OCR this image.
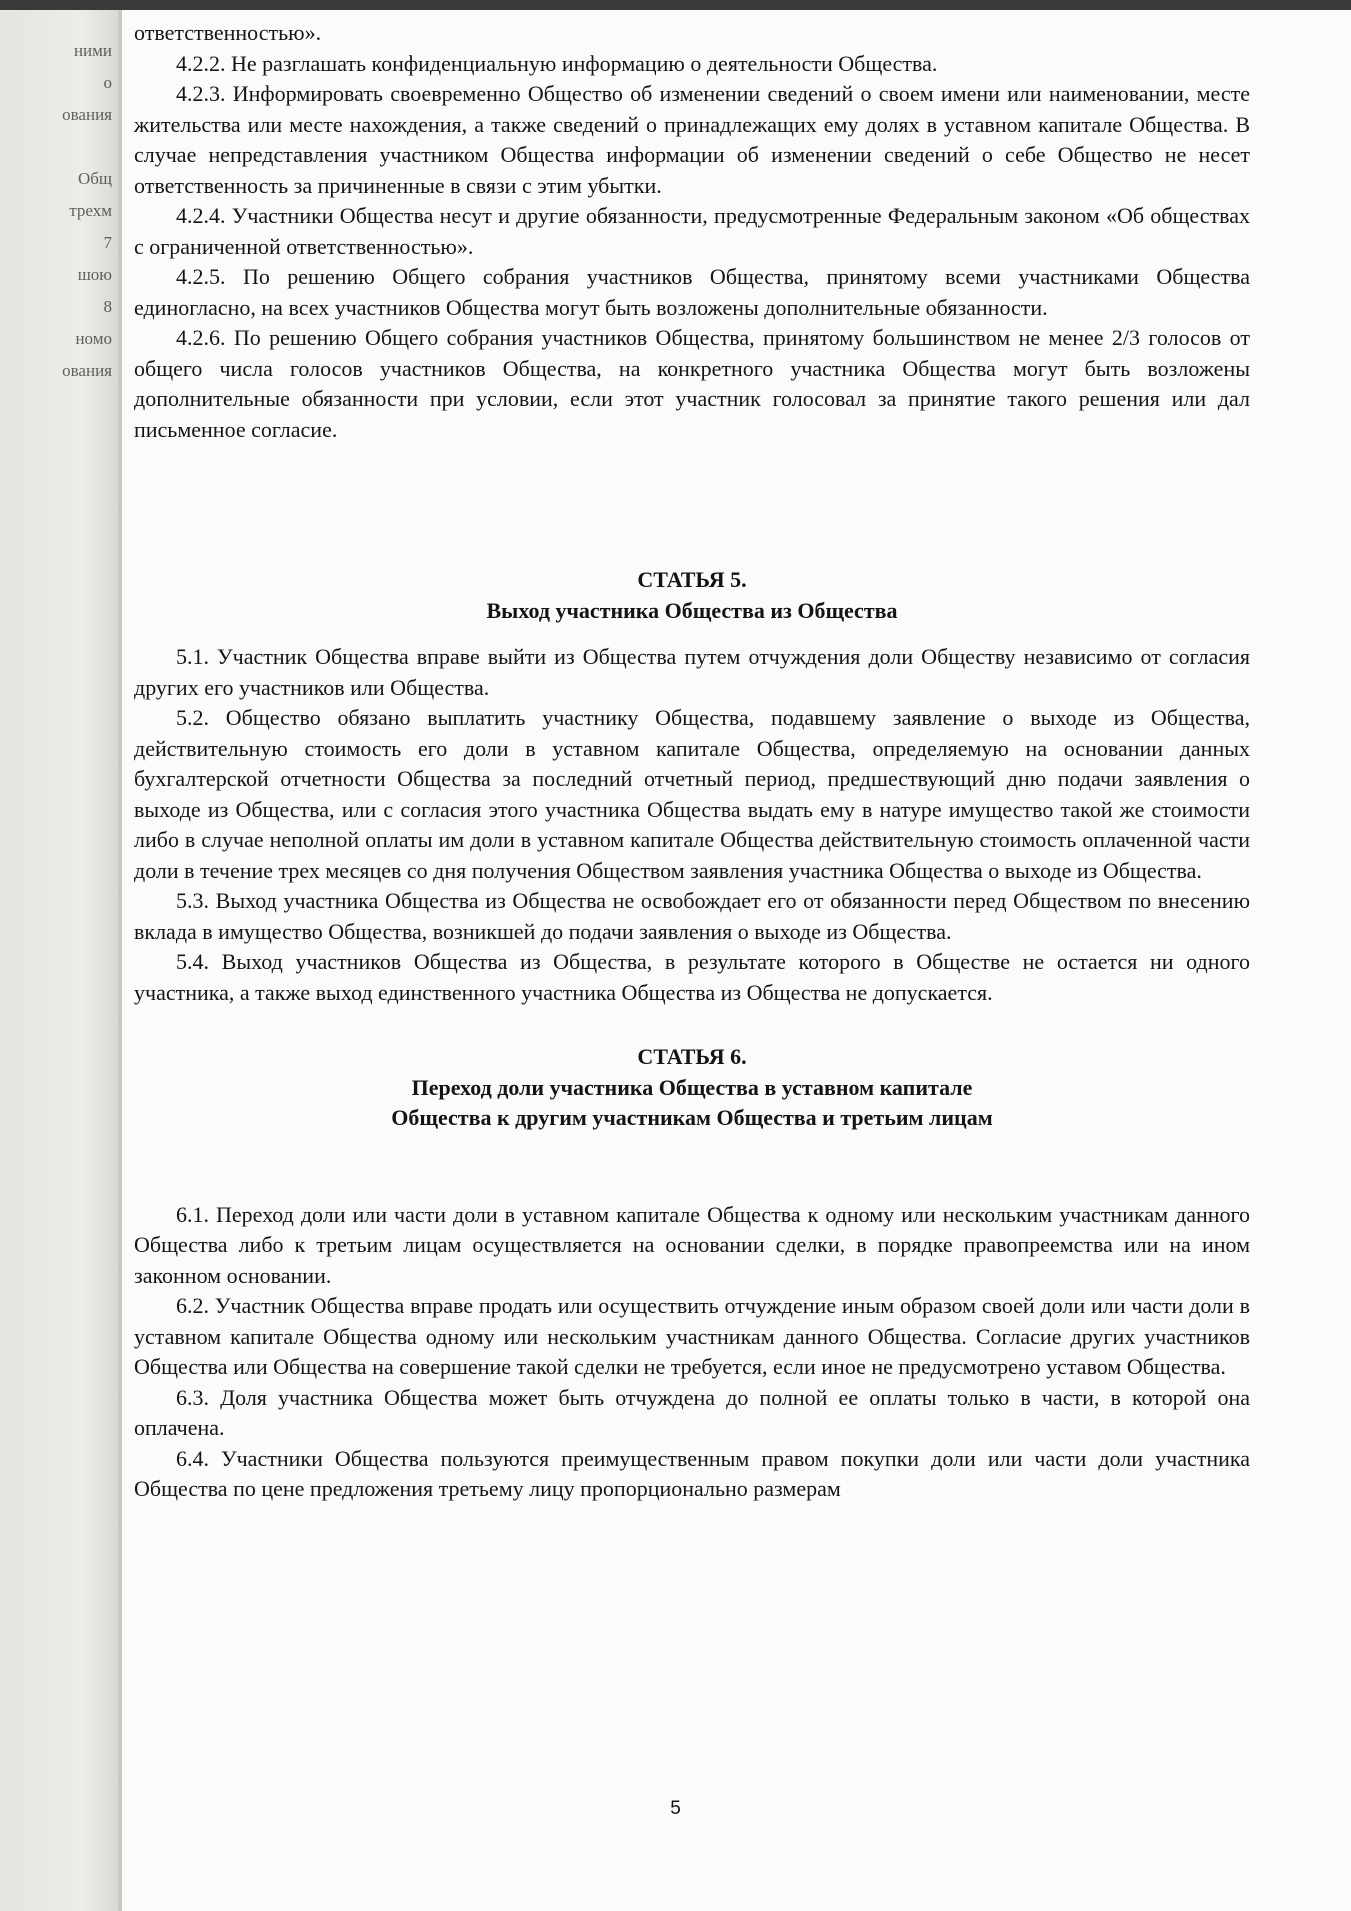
ними
о
ования
Общ
трехм
7
шою
8
номо
ования

ответственностью».

4.2.2. Не разглашать конфиденциальную информацию о деятельности Общества.

4.2.3. Информировать своевременно Общество об изменении сведений о своем имени или наименовании, месте жительства или месте нахождения, а также сведений о принадлежащих ему долях в уставном капитале Общества. В случае непредставления участником Общества информации об изменении сведений о себе Общество не несет ответственность за причиненные в связи с этим убытки.

4.2.4. Участники Общества несут и другие обязанности, предусмотренные Федеральным законом «Об обществах с ограниченной ответственностью».

4.2.5. По решению Общего собрания участников Общества, принятому всеми участниками Общества единогласно, на всех участников Общества могут быть возложены дополнительные обязанности.

4.2.6. По решению Общего собрания участников Общества, принятому большинством не менее 2/3 голосов от общего числа голосов участников Общества, на конкретного участника Общества могут быть возложены дополнительные обязанности при условии, если этот участник голосовал за принятие такого решения или дал письменное согласие.

СТАТЬЯ 5.
Выход участника Общества из Общества

5.1. Участник Общества вправе выйти из Общества путем отчуждения доли Обществу независимо от согласия других его участников или Общества.

5.2. Общество обязано выплатить участнику Общества, подавшему заявление о выходе из Общества, действительную стоимость его доли в уставном капитале Общества, определяемую на основании данных бухгалтерской отчетности Общества за последний отчетный период, предшествующий дню подачи заявления о выходе из Общества, или с согласия этого участника Общества выдать ему в натуре имущество такой же стоимости либо в случае неполной оплаты им доли в уставном капитале Общества действительную стоимость оплаченной части доли в течение трех месяцев со дня получения Обществом заявления участника Общества о выходе из Общества.

5.3. Выход участника Общества из Общества не освобождает его от обязанности перед Обществом по внесению вклада в имущество Общества, возникшей до подачи заявления о выходе из Общества.

5.4. Выход участников Общества из Общества, в результате которого в Обществе не остается ни одного участника, а также выход единственного участника Общества из Общества не допускается.

СТАТЬЯ 6.
Переход доли участника Общества в уставном капитале
Общества к другим участникам Общества и третьим лицам

6.1. Переход доли или части доли в уставном капитале Общества к одному или нескольким участникам данного Общества либо к третьим лицам осуществляется на основании сделки, в порядке правопреемства или на ином законном основании.

6.2. Участник Общества вправе продать или осуществить отчуждение иным образом своей доли или части доли в уставном капитале Общества одному или нескольким участникам данного Общества. Согласие других участников Общества или Общества на совершение такой сделки не требуется, если иное не предусмотрено уставом Общества.

6.3. Доля участника Общества может быть отчуждена до полной ее оплаты только в части, в которой она оплачена.

6.4. Участники Общества пользуются преимущественным правом покупки доли или части доли участника Общества по цене предложения третьему лицу пропорционально размерам

5
